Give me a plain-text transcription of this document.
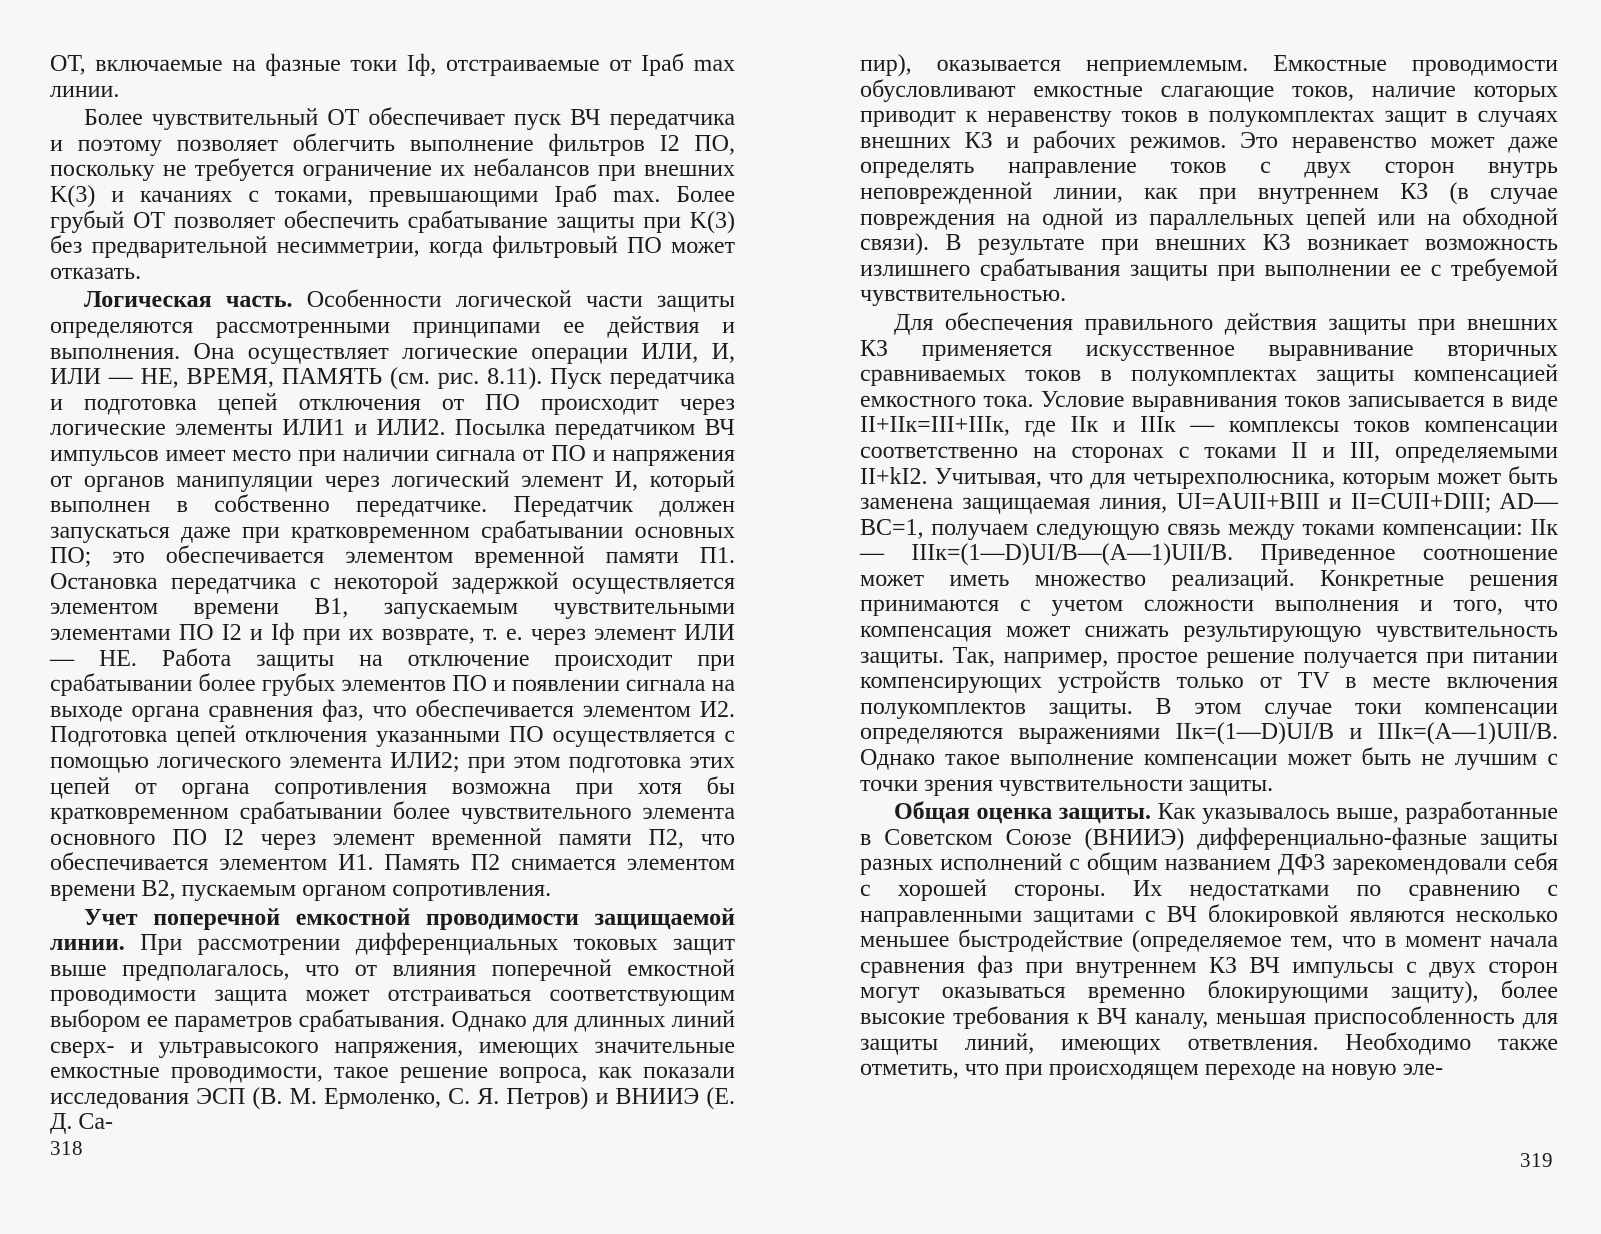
ОТ, включаемые на фазные токи Iф, отстраиваемые от Iраб max линии.

Более чувствительный ОТ обеспечивает пуск ВЧ передатчика и поэтому позволяет облегчить выполнение фильтров I2 ПО, поскольку не требуется ограничение их небалансов при внешних K(3) и качаниях с токами, превышающими Iраб max. Более грубый ОТ позволяет обеспечить срабатывание защиты при K(3) без предварительной несимметрии, когда фильтровый ПО может отказать.

Логическая часть. Особенности логической части защиты определяются рассмотренными принципами ее действия и выполнения. Она осуществляет логические операции ИЛИ, И, ИЛИ — НЕ, ВРЕМЯ, ПАМЯТЬ (см. рис. 8.11). Пуск передатчика и подготовка цепей отключения от ПО происходит через логические элементы ИЛИ1 и ИЛИ2. Посылка передатчиком ВЧ импульсов имеет место при наличии сигнала от ПО и напряжения от органов манипуляции через логический элемент И, который выполнен в собственно передатчике. Передатчик должен запускаться даже при кратковременном срабатывании основных ПО; это обеспечивается элементом временной памяти П1. Остановка передатчика с некоторой задержкой осуществляется элементом времени В1, запускаемым чувствительными элементами ПО I2 и Iф при их возврате, т. е. через элемент ИЛИ — НЕ. Работа защиты на отключение происходит при срабатывании более грубых элементов ПО и появлении сигнала на выходе органа сравнения фаз, что обеспечивается элементом И2. Подготовка цепей отключения указанными ПО осуществляется с помощью логического элемента ИЛИ2; при этом подготовка этих цепей от органа сопротивления возможна при хотя бы кратковременном срабатывании более чувствительного элемента основного ПО I2 через элемент временной памяти П2, что обеспечивается элементом И1. Память П2 снимается элементом времени В2, пускаемым органом сопротивления.

Учет поперечной емкостной проводимости защищаемой линии. При рассмотрении дифференциальных токовых защит выше предполагалось, что от влияния поперечной емкостной проводимости защита может отстраиваться соответствующим выбором ее параметров срабатывания. Однако для длинных линий сверх- и ультравысокого напряжения, имеющих значительные емкостные проводимости, такое решение вопроса, как показали исследования ЭСП (В. М. Ермоленко, С. Я. Петров) и ВНИИЭ (Е. Д. Са-

318

пир), оказывается неприемлемым. Емкостные проводимости обусловливают емкостные слагающие токов, наличие которых приводит к неравенству токов в полукомплектах защит в случаях внешних КЗ и рабочих режимов. Это неравенство может даже определять направление токов с двух сторон внутрь неповрежденной линии, как при внутреннем КЗ (в случае повреждения на одной из параллельных цепей или на обходной связи). В результате при внешних КЗ возникает возможность излишнего срабатывания защиты при выполнении ее с требуемой чувствительностью.

Для обеспечения правильного действия защиты при внешних КЗ применяется искусственное выравнивание вторичных сравниваемых токов в полукомплектах защиты компенсацией емкостного тока. Условие выравнивания токов записывается в виде II+IIк=III+IIIк, где IIк и IIIк — комплексы токов компенсации соответственно на сторонах с токами II и III, определяемыми II+kI2. Учитывая, что для четырехполюсника, которым может быть заменена защищаемая линия, UI=AUII+BIII и II=CUII+DIII; AD—BC=1, получаем следующую связь между токами компенсации: IIк — IIIк=(1—D)UI/B—(A—1)UII/B. Приведенное соотношение может иметь множество реализаций. Конкретные решения принимаются с учетом сложности выполнения и того, что компенсация может снижать результирующую чувствительность защиты. Так, например, простое решение получается при питании компенсирующих устройств только от TV в месте включения полукомплектов защиты. В этом случае токи компенсации определяются выражениями IIк=(1—D)UI/B и IIIк=(A—1)UII/B. Однако такое выполнение компенсации может быть не лучшим с точки зрения чувствительности защиты.

Общая оценка защиты. Как указывалось выше, разработанные в Советском Союзе (ВНИИЭ) дифференциально-фазные защиты разных исполнений с общим названием ДФЗ зарекомендовали себя с хорошей стороны. Их недостатками по сравнению с направленными защитами с ВЧ блокировкой являются несколько меньшее быстродействие (определяемое тем, что в момент начала сравнения фаз при внутреннем КЗ ВЧ импульсы с двух сторон могут оказываться временно блокирующими защиту), более высокие требования к ВЧ каналу, меньшая приспособленность для защиты линий, имеющих ответвления. Необходимо также отметить, что при происходящем переходе на новую эле-

319
